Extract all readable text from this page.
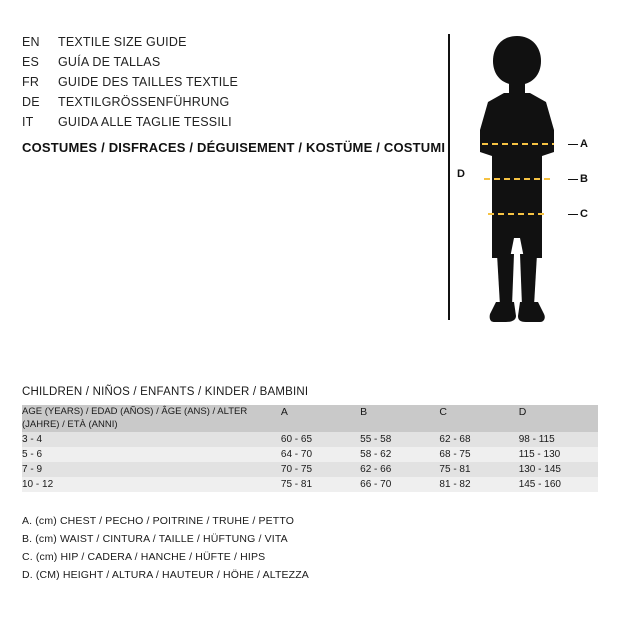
EN	TEXTILE SIZE GUIDE
ES	GUÍA DE TALLAS
FR	GUIDE DES TAILLES TEXTILE
DE	TEXTILGRÖSSENFÜHRUNG
IT	GUIDA ALLE TAGLIE TESSILI
COSTUMES / DISFRACES / DÉGUISEMENT / KOSTÜME / COSTUMI
D
A
B
C
CHILDREN / NIÑOS / ENFANTS / KINDER / BAMBINI
AGE (YEARS) / EDAD (AÑOS) / ÂGE (ANS) / ALTER (JAHRE) / ETÀ (ANNI)	A	B	C	D
3 - 4	60 - 65	55 - 58	62 - 68	98 - 115
5 - 6	64 - 70	58 - 62	68 - 75	115 - 130
7 - 9	70 - 75	62 - 66	75 - 81	130 - 145
10 - 12	75 - 81	66 - 70	81 - 82	145 - 160
A. (cm) CHEST / PECHO / POITRINE / TRUHE / PETTO
B. (cm) WAIST / CINTURA / TAILLE / HÜFTUNG / VITA
C. (cm) HIP / CADERA / HANCHE / HÜFTE / HIPS
D. (CM) HEIGHT / ALTURA / HAUTEUR / HÖHE / ALTEZZA
